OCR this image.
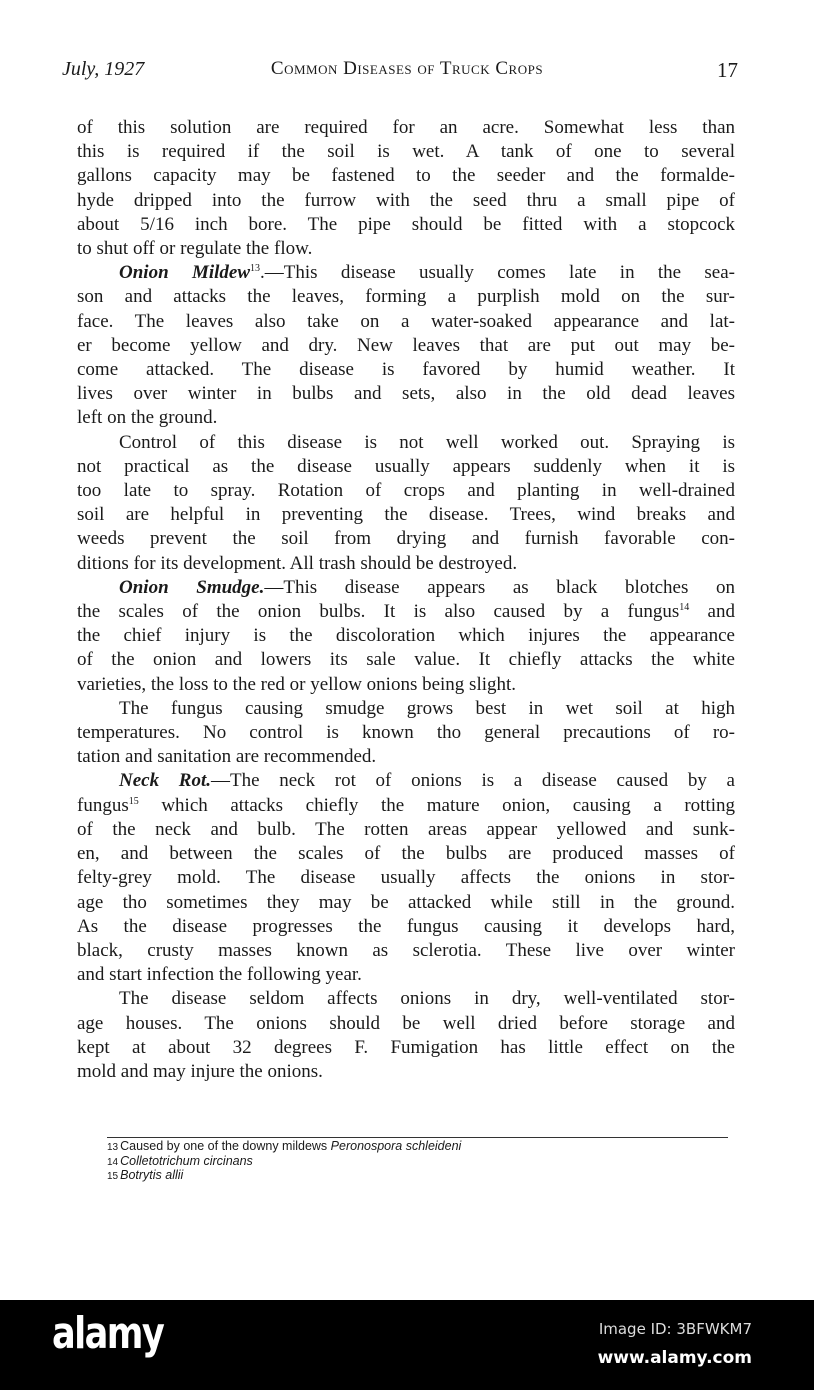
Common Diseases of Truck Crops
July, 1927	17
of this solution are required for an acre. Somewhat less than
this is required if the soil is wet. A tank of one to several
gallons capacity may be fastened to the seeder and the formalde-
hyde dripped into the furrow with the seed thru a small pipe of
about 5/16 inch bore. The pipe should be fitted with a stopcock
to shut off or regulate the flow.
Onion Mildew$^{13}$.—This disease usually comes late in the sea-
son and attacks the leaves, forming a purplish mold on the sur-
face. The leaves also take on a water-soaked appearance and lat-
er become yellow and dry. New leaves that are put out may be-
come attacked. The disease is favored by humid weather. It
lives over winter in bulbs and sets, also in the old dead leaves
left on the ground.
Control of this disease is not well worked out. Spraying is
not practical as the disease usually appears suddenly when it is
too late to spray. Rotation of crops and planting in well-drained
soil are helpful in preventing the disease. Trees, wind breaks and
weeds prevent the soil from drying and furnish favorable con-
ditions for its development. All trash should be destroyed.
Onion Smudge.—This disease appears as black blotches on
the scales of the onion bulbs. It is also caused by a fungus$^{14}$ and
the chief injury is the discoloration which injures the appearance
of the onion and lowers its sale value. It chiefly attacks the white
varieties, the loss to the red or yellow onions being slight.
The fungus causing smudge grows best in wet soil at high
temperatures. No control is known tho general precautions of ro-
tation and sanitation are recommended.
Neck Rot.—The neck rot of onions is a disease caused by a
fungus$^{15}$ which attacks chiefly the mature onion, causing a rotting
of the neck and bulb. The rotten areas appear yellowed and sunk-
en, and between the scales of the bulbs are produced masses of
felty-grey mold. The disease usually affects the onions in stor-
age tho sometimes they may be attacked while still in the ground.
As the disease progresses the fungus causing it develops hard,
black, crusty masses known as sclerotia. These live over winter
and start infection the following year.
The disease seldom affects onions in dry, well-ventilated stor-
age houses. The onions should be well dried before storage and
kept at about 32 degrees F. Fumigation has little effect on the
mold and may injure the onions.
13 Caused by one of the downy mildews Peronospora schleideni
14 Colletotrichum circinans
15 Botrytis allii
alamy	Image ID: 3BFWKM7
www.alamy.com
